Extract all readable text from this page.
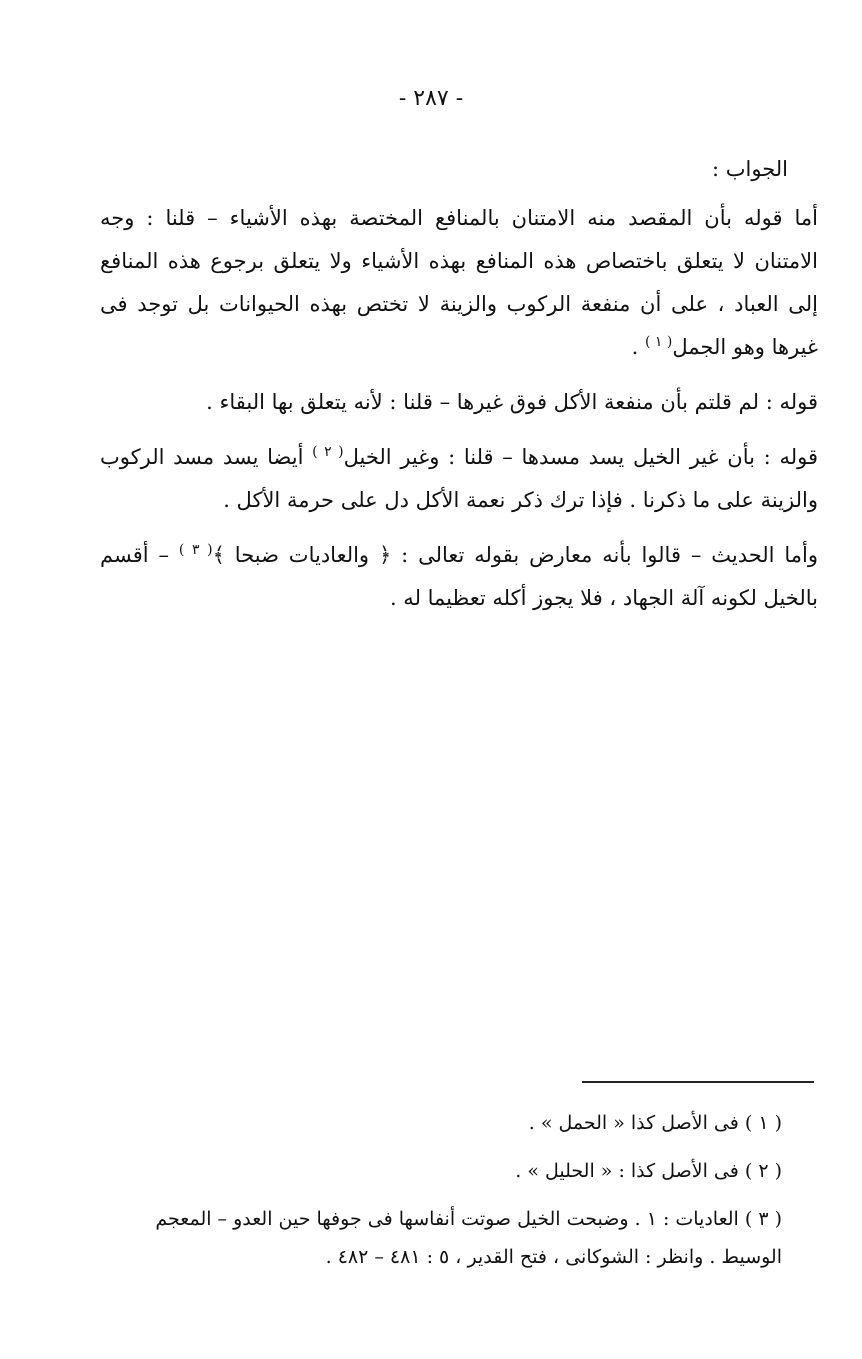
- ٢٨٧ -
الجواب :

أما قوله بأن المقصد منه الامتنان بالمنافع المختصة بهذه الأشياء – قلنا : وجه الامتنان لا يتعلق باختصاص هذه المنافع بهذه الأشياء ولا يتعلق برجوع هذه المنافع إلى العباد ، على أن منفعة الركوب والزينة لا تختص بهذه الحيوانات بل توجد فى غيرها وهو الجمل$^{( ١ )}$ .

قوله : لم قلتم بأن منفعة الأكل فوق غيرها – قلنا : لأنه يتعلق بها البقاء .

قوله : بأن غير الخيل يسد مسدها – قلنا : وغير الخيل$^{( ٢ )}$ أيضا يسد مسد الركوب والزينة على ما ذكرنا . فإذا ترك ذكر نعمة الأكل دل على حرمة الأكل .

وأما الحديث – قالوا بأنه معارض بقوله تعالى : ﴿ والعاديات ضبحا ﴾$^{( ٣ )}$ – أقسم بالخيل لكونه آلة الجهاد ، فلا يجوز أكله تعظيما له .

( ١ ) فى الأصل كذا « الحمل » .
( ٢ ) فى الأصل كذا : « الحليل » .
( ٣ ) العاديات : ١ . وضبحت الخيل صوتت أنفاسها فى جوفها حين العدو – المعجم الوسيط . وانظر : الشوكانى ، فتح القدير ، ٥ : ٤٨١ – ٤٨٢ .
